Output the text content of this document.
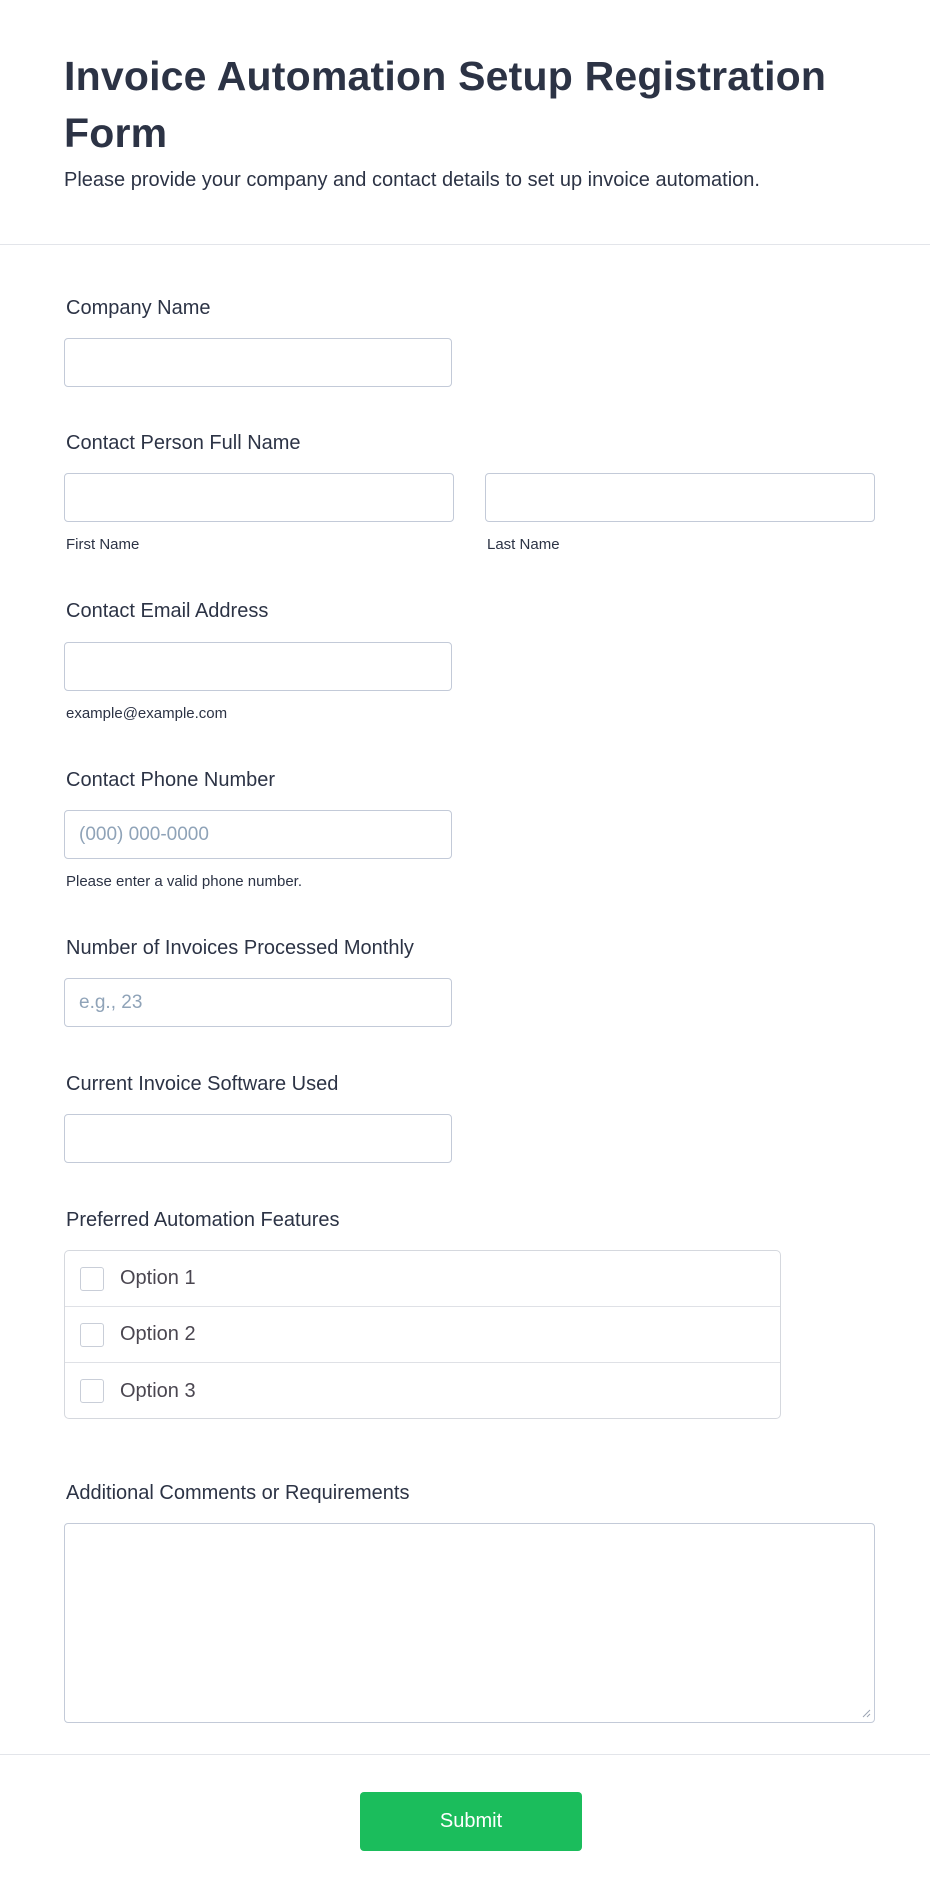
Invoice Automation Setup Registration Form

Please provide your company and contact details to set up invoice automation.

Company Name
Contact Person Full Name
First Name	Last Name
Contact Email Address
example@example.com
Contact Phone Number
(000) 000-0000
Please enter a valid phone number.
Number of Invoices Processed Monthly
e.g., 23
Current Invoice Software Used
Preferred Automation Features
Option 1
Option 2
Option 3
Additional Comments or Requirements
Submit
